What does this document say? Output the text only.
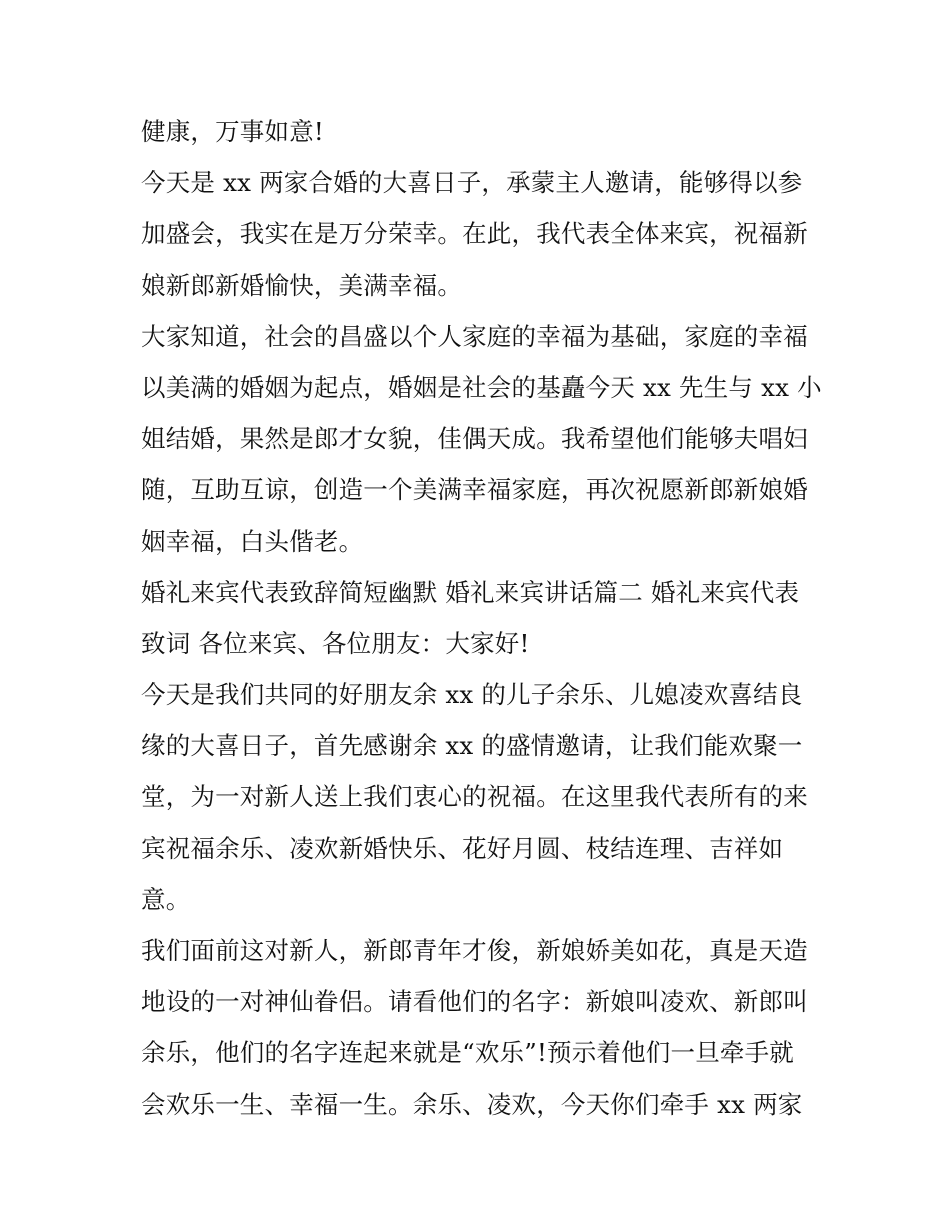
健康，万事如意!
今天是 xx 两家合婚的大喜日子，承蒙主人邀请，能够得以参
加盛会，我实在是万分荣幸。在此，我代表全体来宾，祝福新
娘新郎新婚愉快，美满幸福。
大家知道，社会的昌盛以个人家庭的幸福为基础，家庭的幸福
以美满的婚姻为起点，婚姻是社会的基矗今天 xx 先生与 xx 小
姐结婚，果然是郎才女貌，佳偶天成。我希望他们能够夫唱妇
随，互助互谅，创造一个美满幸福家庭，再次祝愿新郎新娘婚
姻幸福，白头偕老。
婚礼来宾代表致辞简短幽默 婚礼来宾讲话篇二 婚礼来宾代表
致词 各位来宾、各位朋友：大家好!
今天是我们共同的好朋友余 xx 的儿子余乐、儿媳凌欢喜结良
缘的大喜日子，首先感谢余 xx 的盛情邀请，让我们能欢聚一
堂，为一对新人送上我们衷心的祝福。在这里我代表所有的来
宾祝福余乐、凌欢新婚快乐、花好月圆、枝结连理、吉祥如
意。
我们面前这对新人，新郎青年才俊，新娘娇美如花，真是天造
地设的一对神仙眷侣。请看他们的名字：新娘叫凌欢、新郎叫
余乐，他们的名字连起来就是“欢乐”!预示着他们一旦牵手就
会欢乐一生、幸福一生。余乐、凌欢，今天你们牵手 xx 两家
